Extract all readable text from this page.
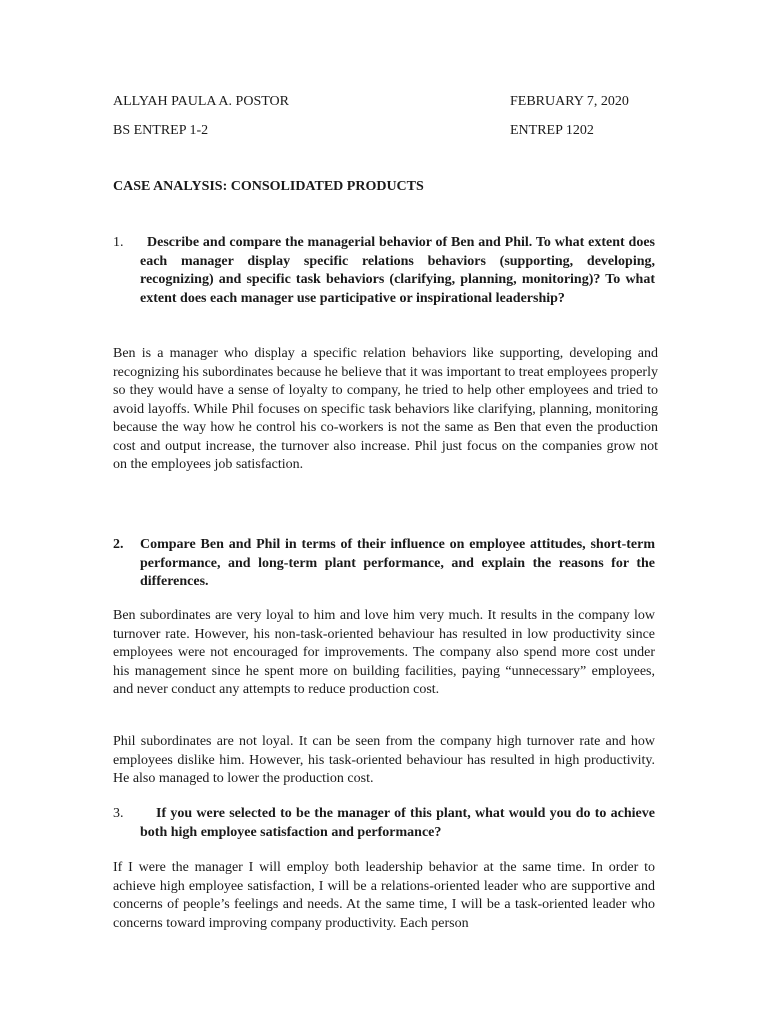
ALLYAH PAULA A. POSTOR	FEBRUARY 7, 2020
BS ENTREP 1-2	ENTREP 1202
CASE ANALYSIS: CONSOLIDATED PRODUCTS
1.	Describe and compare the managerial behavior of Ben and Phil. To what extent does each manager display specific relations behaviors (supporting, developing, recognizing) and specific task behaviors (clarifying, planning, monitoring)? To what extent does each manager use participative or inspirational leadership?
Ben is a manager who display a specific relation behaviors like supporting, developing and recognizing his subordinates because he believe that it was important to treat employees properly so they would have a sense of loyalty to company, he tried to help other employees and tried to avoid layoffs. While Phil focuses on specific task behaviors like clarifying, planning, monitoring because the way how he control his co-workers is not the same as Ben that even the production cost and output increase, the turnover also increase. Phil just focus on the companies grow not on the employees job satisfaction.
2. Compare Ben and Phil in terms of their influence on employee attitudes, short-term performance, and long-term plant performance, and explain the reasons for the differences.
Ben subordinates are very loyal to him and love him very much. It results in the company low turnover rate. However, his non-task-oriented behaviour has resulted in low productivity since employees were not encouraged for improvements. The company also spend more cost under his management since he spent more on building facilities, paying “unnecessary” employees, and never conduct any attempts to reduce production cost.
Phil subordinates are not loyal. It can be seen from the company high turnover rate and how employees dislike him. However, his task-oriented behaviour has resulted in high productivity. He also managed to lower the production cost.
3.	If you were selected to be the manager of this plant, what would you do to achieve both high employee satisfaction and performance?
If I were the manager I will employ both leadership behavior at the same time. In order to achieve high employee satisfaction, I will be a relations-oriented leader who are supportive and concerns of people’s feelings and needs. At the same time, I will be a task-oriented leader who concerns toward improving company productivity. Each person
